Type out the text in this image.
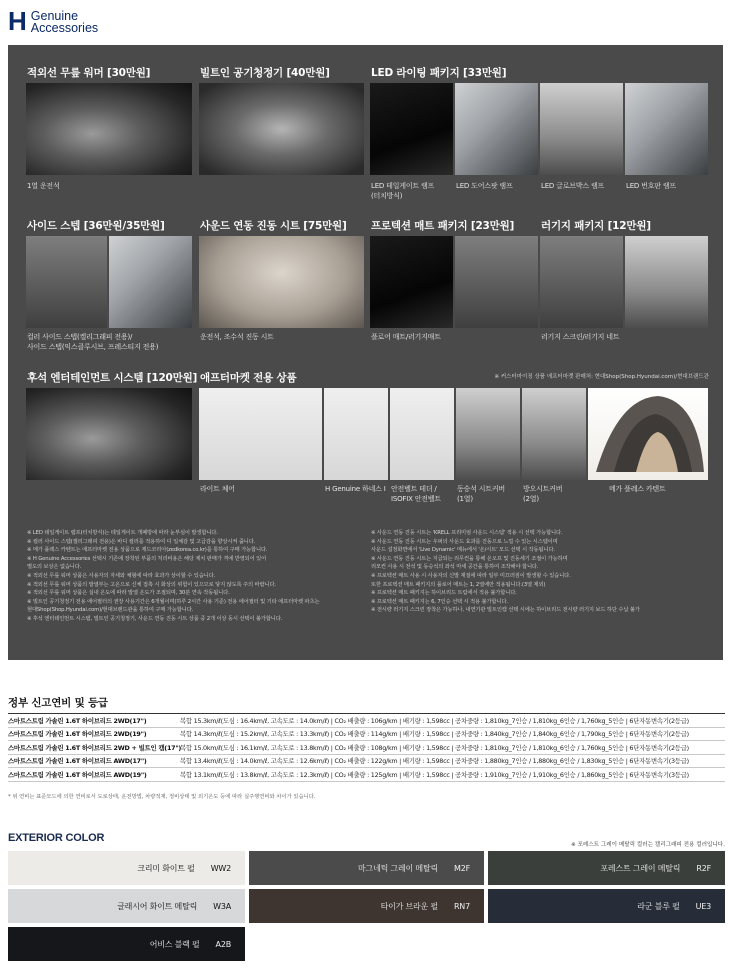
H Genuine
Accessories
적외선 무릎 워머 [30만원]
1열 운전석
빌트인 공기청정기 [40만원]	LED 라이팅 패키지 [33만원]
LED 테일게이트 램프
(터치방식)
LED 도어스팟 램프	LED 글로브박스 램프	LED 번호판 램프
사이드 스텝 [36만원/35만원]
컬러 사이드 스텝(켈리그래피 전용)/
사이드 스텝(익스클루시브, 프레스티지 전용)
사운드 연동 진동 시트 [75만원]
운전석, 조수석 진동 시트
프로텍션 매트 패키지 [23만원]
플로어 매트/러기지매트
러기지 패키지 [12만원]
러기지 스크린/러기지 네트
후석 엔터테인먼트 시스템 [120만원] 애프터마켓 전용 상품	※ 커스터마이징 상품 애프터마켓 판매처: 현대Shop(Shop.Hyundai.com)/현대브랜드관
라이트 체어	H Genuine 하네스 I 안전벨트 테더 /
ISOFIX 안전벨트
동승석 시트커버
(1열)
방오시트커버
(2열)
메가 플레스 카텐트
※ LED 테일게이트 램프(터치방식)는 테일게이트 개폐방에 따라 눈부심이 발생합니다.
※ 컬러 사이드 스텝(켈리그래피 전용)은 바디 컬러를 적용하여 디 일체감 및 고급감을 향상시켜 줍니다.
※ 메가 플레스 카텐트는 애프터마켓 전용 상품으로 제드코리아(zedkorea.co.kr)를 통하여 구매 가능합니다.
※ H Genuine Accessories 선택시 기존에 장착된 부품의 처리비용은 해당 제치 판매가 격에 반영되어 있어
별도의 보상은 없습니다.
※ 적외선 무릎 워머 상품은 사용자의 자세와 체형에 따라 효과가 상이할 수 있습니다.
※ 적외선 무릎 워머 상품의 발열부는 고온으로 신체 접촉 시 화상의 위험이 있으므로 닿지 않도록 주의 바랍니다.
※ 적외선 무릎 워머 상품은 실내 온도에 따라 발열 온도가 조절되며, 30분 연속 작동됩니다.
※ 빌트인 공기청정기 전용 에어필터의 권장 사용기간은 6개월이며(하루 2시간 사용 기준) 전용 에어필터 및 기타 애프터마켓 파츠는
현대Shop(Shop.Hyundai.com)/현대브랜드관을 통하여 구매 가능합니다.
※ 후석 엔터테인먼트 시스템, 빌트인 공기청정기, 사운드 연동 진동 시트 상품 중 2개 이상 동시 선택이 불가합니다.
※ 사운드 연동 진동 시트는 'KRELL 프리미엄 사운드 시스템' 적용 시 선택 가능합니다.
※ 사운드 연동 진동 시트는 우퍼의 사운드 효과를 진동으로 느낄 수 있는 시스템이며
사운드 설정화면에서 'Live Dynamic' 메뉴에서 '온/시트' 모드 선택 시 작동됩니다.
※ 사운드 연동 진동 시트는 지급되는 리무컨을 통해 온오프 및 진동세기 조절이 가능하며
리모컨 사용 시 전석 및 동승석의 좌석 마세 공간을 통하여 조작해야 합니다.
※ 프로텍션 매트 사용 시 사용자의 신발 재질에 따라 일부 미끄러짐이 발생할 수 있습니다.
또한 프로텍션 매트 패키지의 플로어 매트는 1, 2열에만 적용됩니다.(3열 제외)
※ 프로텍션 매트 패키지는 하이브리드 트림에서 적용 불가합니다.
※ 프로텍션 매트 패키지는 6, 7인승 선택 시 적용 불가합니다.
※ 전시량 러기지 스크린 장착은 가능하나, 내연기관 빌트인캠 선택 시에는 하이브리드 전시량 러기지 보드 하단 수납 불가
정부 신고연비 및 등급
스마트스트림 가솔린 1.6T 하이브리드 2WD(17")	복합 15.3km/ℓ(도심 : 16.4km/ℓ, 고속도로 : 14.0km/ℓ) | CO₂ 배출량 : 106g/km | 배기량 : 1,598cc | 공차중량 : 1,810kg_7인승 / 1,810kg_6인승 / 1,760kg_5인승 | 6단자동변속기(2등급)
스마트스트림 가솔린 1.6T 하이브리드 2WD(19")	복합 14.3km/ℓ(도심 : 15.2km/ℓ, 고속도로 : 13.3km/ℓ) | CO₂ 배출량 : 114g/km | 배기량 : 1,598cc | 공차중량 : 1,840kg_7인승 / 1,840kg_6인승 / 1,790kg_5인승 | 6단자동변속기(2등급)
스마트스트림 가솔린 1.6T 하이브리드 2WD + 빌트인 캠(17")
복합 15.0km/ℓ(도심 : 16.1km/ℓ, 고속도로 : 13.8km/ℓ) | CO₂ 배출량 : 108g/km | 배기량 : 1,598cc | 공차중량 : 1,810kg_7인승 / 1,810kg_6인승 / 1,760kg_5인승 | 6단자동변속기(2등급)
스마트스트림 가솔린 1.6T 하이브리드 AWD(17")	복합 13.4km/ℓ(도심 : 14.0km/ℓ, 고속도로 : 12.6km/ℓ) | CO₂ 배출량 : 122g/km | 배기량 : 1,598cc | 공차중량 : 1,880kg_7인승 / 1,880kg_6인승 / 1,830kg_5인승 | 6단자동변속기(3등급)
스마트스트림 가솔린 1.6T 하이브리드 AWD(19")	복합 13.1km/ℓ(도심 : 13.8km/ℓ, 고속도로 : 12.3km/ℓ) | CO₂ 배출량 : 125g/km | 배기량 : 1,598cc | 공차중량 : 1,910kg_7인승 / 1,910kg_6인승 / 1,860kg_5인승 | 6단자동변속기(3등급)
* 위 연비는 표준모드에 의한 연비로서 도로상태, 운전방법, 차량적재, 정비상태 및 외기온도 등에 따라 실주행연비와 차이가 있습니다.
EXTERIOR COLOR
※ 포레스트 그레이 메탈릭 컬러는 캘리그래피 전용 컬러입니다.
크리미 화이트 펄 WW2	마그네틱 그레이 메탈릭 M2F	포레스트 그레이 메탈릭 R2F
글래시어 화이트 메탈릭 W3A	타이가 브라운 펄 RN7	라군 블루 펄 UE3
어비스 블랙 펄 A2B
